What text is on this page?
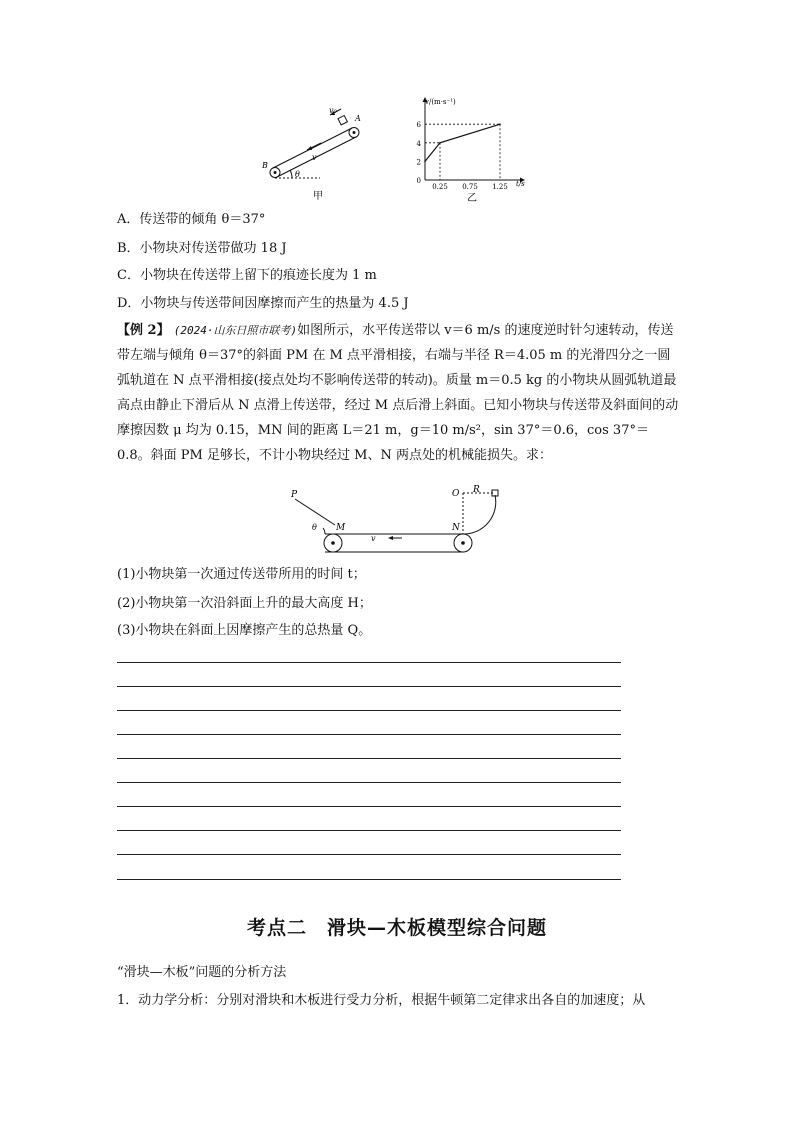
v₀
A
B
v
θ
甲
0
2
4
6
0.25 0.75 1.25
v/(m·s⁻¹)
t/s
乙
A．传送带的倾角 θ＝37°
B．小物块对传送带做功 18 J
C．小物块在传送带上留下的痕迹长度为 1 m
D．小物块与传送带间因摩擦而产生的热量为 4.5 J
【例 2】 (2024·山东日照市联考)如图所示，水平传送带以 v＝6 m/s 的速度逆时针匀速转动，传送带左端与倾角 θ＝37°的斜面 PM 在 M 点平滑相接，右端与半径 R＝4.05 m 的光滑四分之一圆弧轨道在 N 点平滑相接(接点处均不影响传送带的转动)。质量 m＝0.5 kg 的小物块从圆弧轨道最高点由静止下滑后从 N 点滑上传送带，经过 M 点后滑上斜面。已知小物块与传送带及斜面间的动摩擦因数 μ 均为 0.15，MN 间的距离 L＝21 m，g＝10 m/s²，sin 37°＝0.6，cos 37°＝0.8。斜面 PM 足够长，不计小物块经过 M、N 两点处的机械能损失。求：
P
θ M
v
N
O R
(1)小物块第一次通过传送带所用的时间 t；
(2)小物块第一次沿斜面上升的最大高度 H；
(3)小物块在斜面上因摩擦产生的总热量 Q。
考点二　滑块—木板模型综合问题
“滑块—木板”问题的分析方法
1．动力学分析：分别对滑块和木板进行受力分析，根据牛顿第二定律求出各自的加速度；从
